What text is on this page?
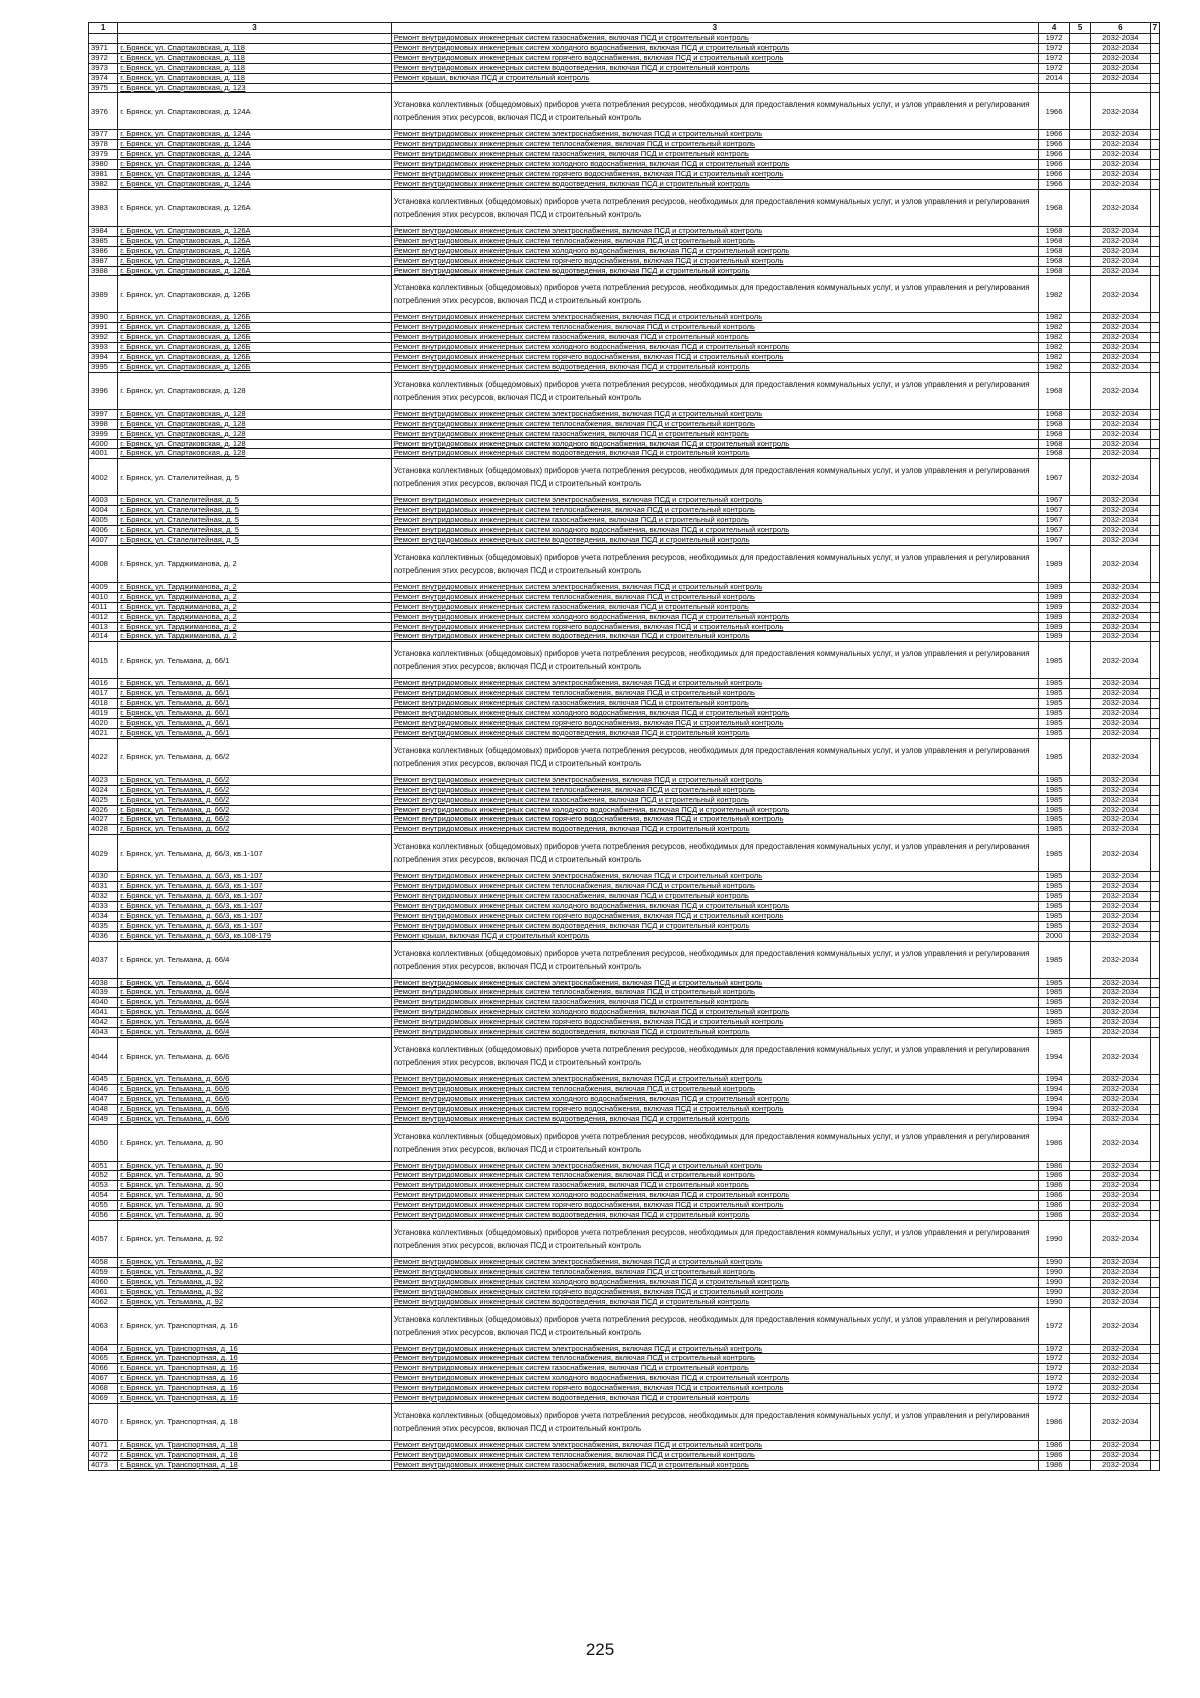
1	3	3	4	5	6	7
		Ремонт внутридомовых инженерных систем газоснабжения, включая ПСД и строительный контроль	1972		2032-2034	
3971	г. Брянск, ул. Спартаковская, д. 118	Ремонт внутридомовых инженерных систем холодного водоснабжения, включая ПСД и строительный контроль	1972		2032-2034	
3972	г. Брянск, ул. Спартаковская, д. 118	Ремонт внутридомовых инженерных систем горячего водоснабжения, включая ПСД и строительный контроль	1972		2032-2034	
3973	г. Брянск, ул. Спартаковская, д. 118	Ремонт внутридомовых инженерных систем водоотведения, включая ПСД и строительный контроль	1972		2032-2034	
3974	г. Брянск, ул. Спартаковская, д. 118	Ремонт крыши, включая ПСД и строительный контроль	2014		2032-2034	
3975	г. Брянск, ул. Спартаковская, д. 123					
3976	г. Брянск, ул. Спартаковская, д. 124А	Установка коллективных (общедомовых) приборов учета потребления ресурсов, необходимых для предоставления коммунальных услуг, и узлов управления и регулирования потребления этих ресурсов, включая ПСД и строительный контроль	1966		2032-2034	
3977	г. Брянск, ул. Спартаковская, д. 124А	Ремонт внутридомовых инженерных систем электроснабжения, включая ПСД и строительный контроль	1966		2032-2034	
3978	г. Брянск, ул. Спартаковская, д. 124А	Ремонт внутридомовых инженерных систем теплоснабжения, включая ПСД и строительный контроль	1966		2032-2034	
3979	г. Брянск, ул. Спартаковская, д. 124А	Ремонт внутридомовых инженерных систем газоснабжения, включая ПСД и строительный контроль	1966		2032-2034	
3980	г. Брянск, ул. Спартаковская, д. 124А	Ремонт внутридомовых инженерных систем холодного водоснабжения, включая ПСД и строительный контроль	1966		2032-2034	
3981	г. Брянск, ул. Спартаковская, д. 124А	Ремонт внутридомовых инженерных систем горячего водоснабжения, включая ПСД и строительный контроль	1966		2032-2034	
3982	г. Брянск, ул. Спартаковская, д. 124А	Ремонт внутридомовых инженерных систем водоотведения, включая ПСД и строительный контроль	1966		2032-2034	
3983	г. Брянск, ул. Спартаковская, д. 126А	Установка коллективных (общедомовых) приборов учета потребления ресурсов, необходимых для предоставления коммунальных услуг, и узлов управления и регулирования потребления этих ресурсов, включая ПСД и строительный контроль	1968		2032-2034	
3984	г. Брянск, ул. Спартаковская, д. 126А	Ремонт внутридомовых инженерных систем электроснабжения, включая ПСД и строительный контроль	1968		2032-2034	
3985	г. Брянск, ул. Спартаковская, д. 126А	Ремонт внутридомовых инженерных систем теплоснабжения, включая ПСД и строительный контроль	1968		2032-2034	
3986	г. Брянск, ул. Спартаковская, д. 126А	Ремонт внутридомовых инженерных систем холодного водоснабжения, включая ПСД и строительный контроль	1968		2032-2034	
3987	г. Брянск, ул. Спартаковская, д. 126А	Ремонт внутридомовых инженерных систем горячего водоснабжения, включая ПСД и строительный контроль	1968		2032-2034	
3988	г. Брянск, ул. Спартаковская, д. 126А	Ремонт внутридомовых инженерных систем водоотведения, включая ПСД и строительный контроль	1968		2032-2034	
3989	г. Брянск, ул. Спартаковская, д. 126Б	Установка коллективных (общедомовых) приборов учета потребления ресурсов, необходимых для предоставления коммунальных услуг, и узлов управления и регулирования потребления этих ресурсов, включая ПСД и строительный контроль	1982		2032-2034	
3990	г. Брянск, ул. Спартаковская, д. 126Б	Ремонт внутридомовых инженерных систем электроснабжения, включая ПСД и строительный контроль	1982		2032-2034	
3991	г. Брянск, ул. Спартаковская, д. 126Б	Ремонт внутридомовых инженерных систем теплоснабжения, включая ПСД и строительный контроль	1982		2032-2034	
3992	г. Брянск, ул. Спартаковская, д. 126Б	Ремонт внутридомовых инженерных систем газоснабжения, включая ПСД и строительный контроль	1982		2032-2034	
3993	г. Брянск, ул. Спартаковская, д. 126Б	Ремонт внутридомовых инженерных систем холодного водоснабжения, включая ПСД и строительный контроль	1982		2032-2034	
3994	г. Брянск, ул. Спартаковская, д. 126Б	Ремонт внутридомовых инженерных систем горячего водоснабжения, включая ПСД и строительный контроль	1982		2032-2034	
3995	г. Брянск, ул. Спартаковская, д. 126Б	Ремонт внутридомовых инженерных систем водоотведения, включая ПСД и строительный контроль	1982		2032-2034	
3996	г. Брянск, ул. Спартаковская, д. 128	Установка коллективных (общедомовых) приборов учета потребления ресурсов, необходимых для предоставления коммунальных услуг, и узлов управления и регулирования потребления этих ресурсов, включая ПСД и строительный контроль	1968		2032-2034	
3997	г. Брянск, ул. Спартаковская, д. 128	Ремонт внутридомовых инженерных систем электроснабжения, включая ПСД и строительный контроль	1968		2032-2034	
3998	г. Брянск, ул. Спартаковская, д. 128	Ремонт внутридомовых инженерных систем теплоснабжения, включая ПСД и строительный контроль	1968		2032-2034	
3999	г. Брянск, ул. Спартаковская, д. 128	Ремонт внутридомовых инженерных систем газоснабжения, включая ПСД и строительный контроль	1968		2032-2034	
4000	г. Брянск, ул. Спартаковская, д. 128	Ремонт внутридомовых инженерных систем холодного водоснабжения, включая ПСД и строительный контроль	1968		2032-2034	
4001	г. Брянск, ул. Спартаковская, д. 128	Ремонт внутридомовых инженерных систем водоотведения, включая ПСД и строительный контроль	1968		2032-2034	
4002	г. Брянск, ул. Сталелитейная, д. 5	Установка коллективных (общедомовых) приборов учета потребления ресурсов, необходимых для предоставления коммунальных услуг, и узлов управления и регулирования потребления этих ресурсов, включая ПСД и строительный контроль	1967		2032-2034	
4003	г. Брянск, ул. Сталелитейная, д. 5	Ремонт внутридомовых инженерных систем электроснабжения, включая ПСД и строительный контроль	1967		2032-2034	
4004	г. Брянск, ул. Сталелитейная, д. 5	Ремонт внутридомовых инженерных систем теплоснабжения, включая ПСД и строительный контроль	1967		2032-2034	
4005	г. Брянск, ул. Сталелитейная, д. 5	Ремонт внутридомовых инженерных систем газоснабжения, включая ПСД и строительный контроль	1967		2032-2034	
4006	г. Брянск, ул. Сталелитейная, д. 5	Ремонт внутридомовых инженерных систем холодного водоснабжения, включая ПСД и строительный контроль	1967		2032-2034	
4007	г. Брянск, ул. Сталелитейная, д. 5	Ремонт внутридомовых инженерных систем водоотведения, включая ПСД и строительный контроль	1967		2032-2034	
4008	г. Брянск, ул. Тарджиманова, д. 2	Установка коллективных (общедомовых) приборов учета потребления ресурсов, необходимых для предоставления коммунальных услуг, и узлов управления и регулирования потребления этих ресурсов, включая ПСД и строительный контроль	1989		2032-2034	
4009	г. Брянск, ул. Тарджиманова, д. 2	Ремонт внутридомовых инженерных систем электроснабжения, включая ПСД и строительный контроль	1989		2032-2034	
4010	г. Брянск, ул. Тарджиманова, д. 2	Ремонт внутридомовых инженерных систем теплоснабжения, включая ПСД и строительный контроль	1989		2032-2034	
4011	г. Брянск, ул. Тарджиманова, д. 2	Ремонт внутридомовых инженерных систем газоснабжения, включая ПСД и строительный контроль	1989		2032-2034	
4012	г. Брянск, ул. Тарджиманова, д. 2	Ремонт внутридомовых инженерных систем холодного водоснабжения, включая ПСД и строительный контроль	1989		2032-2034	
4013	г. Брянск, ул. Тарджиманова, д. 2	Ремонт внутридомовых инженерных систем горячего водоснабжения, включая ПСД и строительный контроль	1989		2032-2034	
4014	г. Брянск, ул. Тарджиманова, д. 2	Ремонт внутридомовых инженерных систем водоотведения, включая ПСД и строительный контроль	1989		2032-2034	
4015	г. Брянск, ул. Тельмана, д. 66/1	Установка коллективных (общедомовых) приборов учета потребления ресурсов, необходимых для предоставления коммунальных услуг, и узлов управления и регулирования потребления этих ресурсов, включая ПСД и строительный контроль	1985		2032-2034	
4016	г. Брянск, ул. Тельмана, д. 66/1	Ремонт внутридомовых инженерных систем электроснабжения, включая ПСД и строительный контроль	1985		2032-2034	
4017	г. Брянск, ул. Тельмана, д. 66/1	Ремонт внутридомовых инженерных систем теплоснабжения, включая ПСД и строительный контроль	1985		2032-2034	
4018	г. Брянск, ул. Тельмана, д. 66/1	Ремонт внутридомовых инженерных систем газоснабжения, включая ПСД и строительный контроль	1985		2032-2034	
4019	г. Брянск, ул. Тельмана, д. 66/1	Ремонт внутридомовых инженерных систем холодного водоснабжения, включая ПСД и строительный контроль	1985		2032-2034	
4020	г. Брянск, ул. Тельмана, д. 66/1	Ремонт внутридомовых инженерных систем горячего водоснабжения, включая ПСД и строительный контроль	1985		2032-2034	
4021	г. Брянск, ул. Тельмана, д. 66/1	Ремонт внутридомовых инженерных систем водоотведения, включая ПСД и строительный контроль	1985		2032-2034	
4022	г. Брянск, ул. Тельмана, д. 66/2	Установка коллективных (общедомовых) приборов учета потребления ресурсов, необходимых для предоставления коммунальных услуг, и узлов управления и регулирования потребления этих ресурсов, включая ПСД и строительный контроль	1985		2032-2034	
4023	г. Брянск, ул. Тельмана, д. 66/2	Ремонт внутридомовых инженерных систем электроснабжения, включая ПСД и строительный контроль	1985		2032-2034	
4024	г. Брянск, ул. Тельмана, д. 66/2	Ремонт внутридомовых инженерных систем теплоснабжения, включая ПСД и строительный контроль	1985		2032-2034	
4025	г. Брянск, ул. Тельмана, д. 66/2	Ремонт внутридомовых инженерных систем газоснабжения, включая ПСД и строительный контроль	1985		2032-2034	
4026	г. Брянск, ул. Тельмана, д. 66/2	Ремонт внутридомовых инженерных систем холодного водоснабжения, включая ПСД и строительный контроль	1985		2032-2034	
4027	г. Брянск, ул. Тельмана, д. 66/2	Ремонт внутридомовых инженерных систем горячего водоснабжения, включая ПСД и строительный контроль	1985		2032-2034	
4028	г. Брянск, ул. Тельмана, д. 66/2	Ремонт внутридомовых инженерных систем водоотведения, включая ПСД и строительный контроль	1985		2032-2034	
4029	г. Брянск, ул. Тельмана, д. 66/3, кв.1-107	Установка коллективных (общедомовых) приборов учета потребления ресурсов, необходимых для предоставления коммунальных услуг, и узлов управления и регулирования потребления этих ресурсов, включая ПСД и строительный контроль	1985		2032-2034	
4030	г. Брянск, ул. Тельмана, д. 66/3, кв.1-107	Ремонт внутридомовых инженерных систем электроснабжения, включая ПСД и строительный контроль	1985		2032-2034	
4031	г. Брянск, ул. Тельмана, д. 66/3, кв.1-107	Ремонт внутридомовых инженерных систем теплоснабжения, включая ПСД и строительный контроль	1985		2032-2034	
4032	г. Брянск, ул. Тельмана, д. 66/3, кв.1-107	Ремонт внутридомовых инженерных систем газоснабжения, включая ПСД и строительный контроль	1985		2032-2034	
4033	г. Брянск, ул. Тельмана, д. 66/3, кв.1-107	Ремонт внутридомовых инженерных систем холодного водоснабжения, включая ПСД и строительный контроль	1985		2032-2034	
4034	г. Брянск, ул. Тельмана, д. 66/3, кв.1-107	Ремонт внутридомовых инженерных систем горячего водоснабжения, включая ПСД и строительный контроль	1985		2032-2034	
4035	г. Брянск, ул. Тельмана, д. 66/3, кв.1-107	Ремонт внутридомовых инженерных систем водоотведения, включая ПСД и строительный контроль	1985		2032-2034	
4036	г. Брянск, ул. Тельмана, д. 66/3, кв.108-179	Ремонт крыши, включая ПСД и строительный контроль	2000		2032-2034	
4037	г. Брянск, ул. Тельмана, д. 66/4	Установка коллективных (общедомовых) приборов учета потребления ресурсов, необходимых для предоставления коммунальных услуг, и узлов управления и регулирования потребления этих ресурсов, включая ПСД и строительный контроль	1985		2032-2034	
4038	г. Брянск, ул. Тельмана, д. 66/4	Ремонт внутридомовых инженерных систем электроснабжения, включая ПСД и строительный контроль	1985		2032-2034	
4039	г. Брянск, ул. Тельмана, д. 66/4	Ремонт внутридомовых инженерных систем теплоснабжения, включая ПСД и строительный контроль	1985		2032-2034	
4040	г. Брянск, ул. Тельмана, д. 66/4	Ремонт внутридомовых инженерных систем газоснабжения, включая ПСД и строительный контроль	1985		2032-2034	
4041	г. Брянск, ул. Тельмана, д. 66/4	Ремонт внутридомовых инженерных систем холодного водоснабжения, включая ПСД и строительный контроль	1985		2032-2034	
4042	г. Брянск, ул. Тельмана, д. 66/4	Ремонт внутридомовых инженерных систем горячего водоснабжения, включая ПСД и строительный контроль	1985		2032-2034	
4043	г. Брянск, ул. Тельмана, д. 66/4	Ремонт внутридомовых инженерных систем водоотведения, включая ПСД и строительный контроль	1985		2032-2034	
4044	г. Брянск, ул. Тельмана, д. 66/6	Установка коллективных (общедомовых) приборов учета потребления ресурсов, необходимых для предоставления коммунальных услуг, и узлов управления и регулирования потребления этих ресурсов, включая ПСД и строительный контроль	1994		2032-2034	
4045	г. Брянск, ул. Тельмана, д. 66/6	Ремонт внутридомовых инженерных систем электроснабжения, включая ПСД и строительный контроль	1994		2032-2034	
4046	г. Брянск, ул. Тельмана, д. 66/6	Ремонт внутридомовых инженерных систем теплоснабжения, включая ПСД и строительный контроль	1994		2032-2034	
4047	г. Брянск, ул. Тельмана, д. 66/6	Ремонт внутридомовых инженерных систем холодного водоснабжения, включая ПСД и строительный контроль	1994		2032-2034	
4048	г. Брянск, ул. Тельмана, д. 66/6	Ремонт внутридомовых инженерных систем горячего водоснабжения, включая ПСД и строительный контроль	1994		2032-2034	
4049	г. Брянск, ул. Тельмана, д. 66/6	Ремонт внутридомовых инженерных систем водоотведения, включая ПСД и строительный контроль	1994		2032-2034	
4050	г. Брянск, ул. Тельмана, д. 90	Установка коллективных (общедомовых) приборов учета потребления ресурсов, необходимых для предоставления коммунальных услуг, и узлов управления и регулирования потребления этих ресурсов, включая ПСД и строительный контроль	1986		2032-2034	
4051	г. Брянск, ул. Тельмана, д. 90	Ремонт внутридомовых инженерных систем электроснабжения, включая ПСД и строительный контроль	1986		2032-2034	
4052	г. Брянск, ул. Тельмана, д. 90	Ремонт внутридомовых инженерных систем теплоснабжения, включая ПСД и строительный контроль	1986		2032-2034	
4053	г. Брянск, ул. Тельмана, д. 90	Ремонт внутридомовых инженерных систем газоснабжения, включая ПСД и строительный контроль	1986		2032-2034	
4054	г. Брянск, ул. Тельмана, д. 90	Ремонт внутридомовых инженерных систем холодного водоснабжения, включая ПСД и строительный контроль	1986		2032-2034	
4055	г. Брянск, ул. Тельмана, д. 90	Ремонт внутридомовых инженерных систем горячего водоснабжения, включая ПСД и строительный контроль	1986		2032-2034	
4056	г. Брянск, ул. Тельмана, д. 90	Ремонт внутридомовых инженерных систем водоотведения, включая ПСД и строительный контроль	1986		2032-2034	
4057	г. Брянск, ул. Тельмана, д. 92	Установка коллективных (общедомовых) приборов учета потребления ресурсов, необходимых для предоставления коммунальных услуг, и узлов управления и регулирования потребления этих ресурсов, включая ПСД и строительный контроль	1990		2032-2034	
4058	г. Брянск, ул. Тельмана, д. 92	Ремонт внутридомовых инженерных систем электроснабжения, включая ПСД и строительный контроль	1990		2032-2034	
4059	г. Брянск, ул. Тельмана, д. 92	Ремонт внутридомовых инженерных систем теплоснабжения, включая ПСД и строительный контроль	1990		2032-2034	
4060	г. Брянск, ул. Тельмана, д. 92	Ремонт внутридомовых инженерных систем холодного водоснабжения, включая ПСД и строительный контроль	1990		2032-2034	
4061	г. Брянск, ул. Тельмана, д. 92	Ремонт внутридомовых инженерных систем горячего водоснабжения, включая ПСД и строительный контроль	1990		2032-2034	
4062	г. Брянск, ул. Тельмана, д. 92	Ремонт внутридомовых инженерных систем водоотведения, включая ПСД и строительный контроль	1990		2032-2034	
4063	г. Брянск, ул. Транспортная, д. 16	Установка коллективных (общедомовых) приборов учета потребления ресурсов, необходимых для предоставления коммунальных услуг, и узлов управления и регулирования потребления этих ресурсов, включая ПСД и строительный контроль	1972		2032-2034	
4064	г. Брянск, ул. Транспортная, д. 16	Ремонт внутридомовых инженерных систем электроснабжения, включая ПСД и строительный контроль	1972		2032-2034	
4065	г. Брянск, ул. Транспортная, д. 16	Ремонт внутридомовых инженерных систем теплоснабжения, включая ПСД и строительный контроль	1972		2032-2034	
4066	г. Брянск, ул. Транспортная, д. 16	Ремонт внутридомовых инженерных систем газоснабжения, включая ПСД и строительный контроль	1972		2032-2034	
4067	г. Брянск, ул. Транспортная, д. 16	Ремонт внутридомовых инженерных систем холодного водоснабжения, включая ПСД и строительный контроль	1972		2032-2034	
4068	г. Брянск, ул. Транспортная, д. 16	Ремонт внутридомовых инженерных систем горячего водоснабжения, включая ПСД и строительный контроль	1972		2032-2034	
4069	г. Брянск, ул. Транспортная, д. 16	Ремонт внутридомовых инженерных систем водоотведения, включая ПСД и строительный контроль	1972		2032-2034	
4070	г. Брянск, ул. Транспортная, д. 18	Установка коллективных (общедомовых) приборов учета потребления ресурсов, необходимых для предоставления коммунальных услуг, и узлов управления и регулирования потребления этих ресурсов, включая ПСД и строительный контроль	1986		2032-2034	
4071	г. Брянск, ул. Транспортная, д. 18	Ремонт внутридомовых инженерных систем электроснабжения, включая ПСД и строительный контроль	1986		2032-2034	
4072	г. Брянск, ул. Транспортная, д. 18	Ремонт внутридомовых инженерных систем теплоснабжения, включая ПСД и строительный контроль	1986		2032-2034	
4073	г. Брянск, ул. Транспортная, д. 18	Ремонт внутридомовых инженерных систем газоснабжения, включая ПСД и строительный контроль	1986		2032-2034	
225
